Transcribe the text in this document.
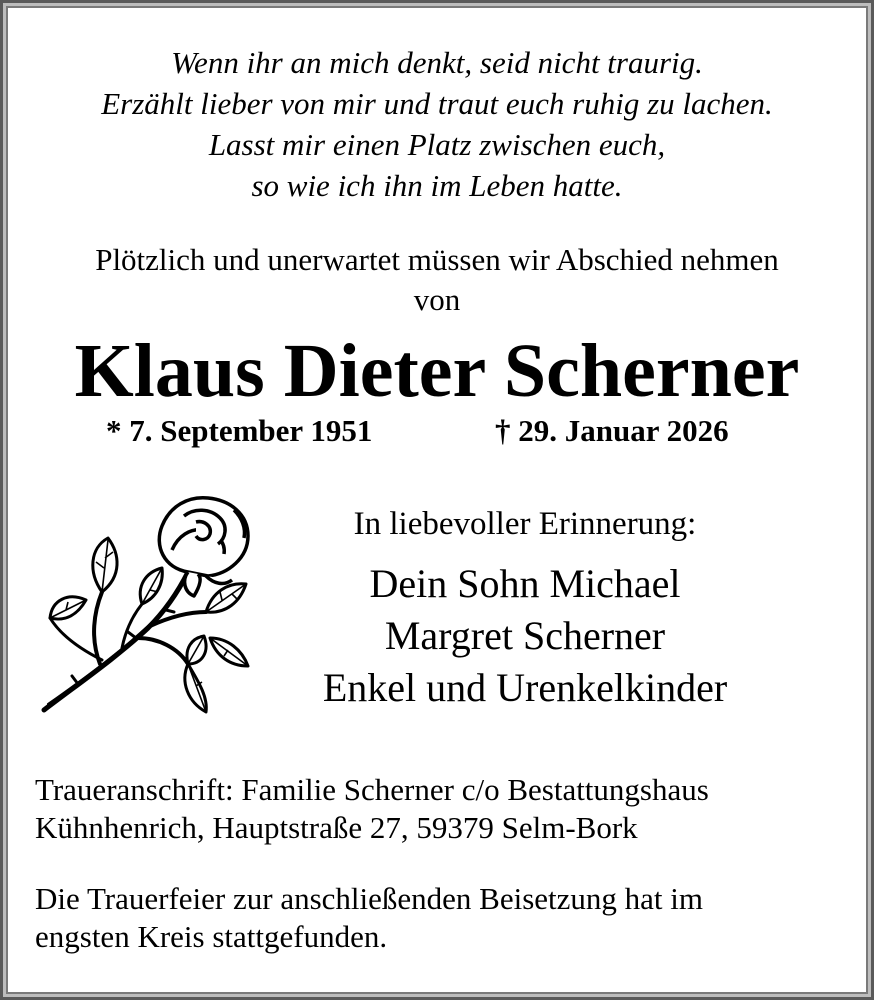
Wenn ihr an mich denkt, seid nicht traurig.
Erzählt lieber von mir und traut euch ruhig zu lachen.
Lasst mir einen Platz zwischen euch,
so wie ich ihn im Leben hatte.
Plötzlich und unerwartet müssen wir Abschied nehmen
von
Klaus Dieter Scherner
* 7. September 1951	† 29. Januar 2026
In liebevoller Erinnerung:
Dein Sohn Michael
Margret Scherner
Enkel und Urenkelkinder
Traueranschrift: Familie Scherner c/o Bestattungshaus
Kühnhenrich, Hauptstraße 27, 59379 Selm-Bork
Die Trauerfeier zur anschließenden Beisetzung hat im
engsten Kreis stattgefunden.
